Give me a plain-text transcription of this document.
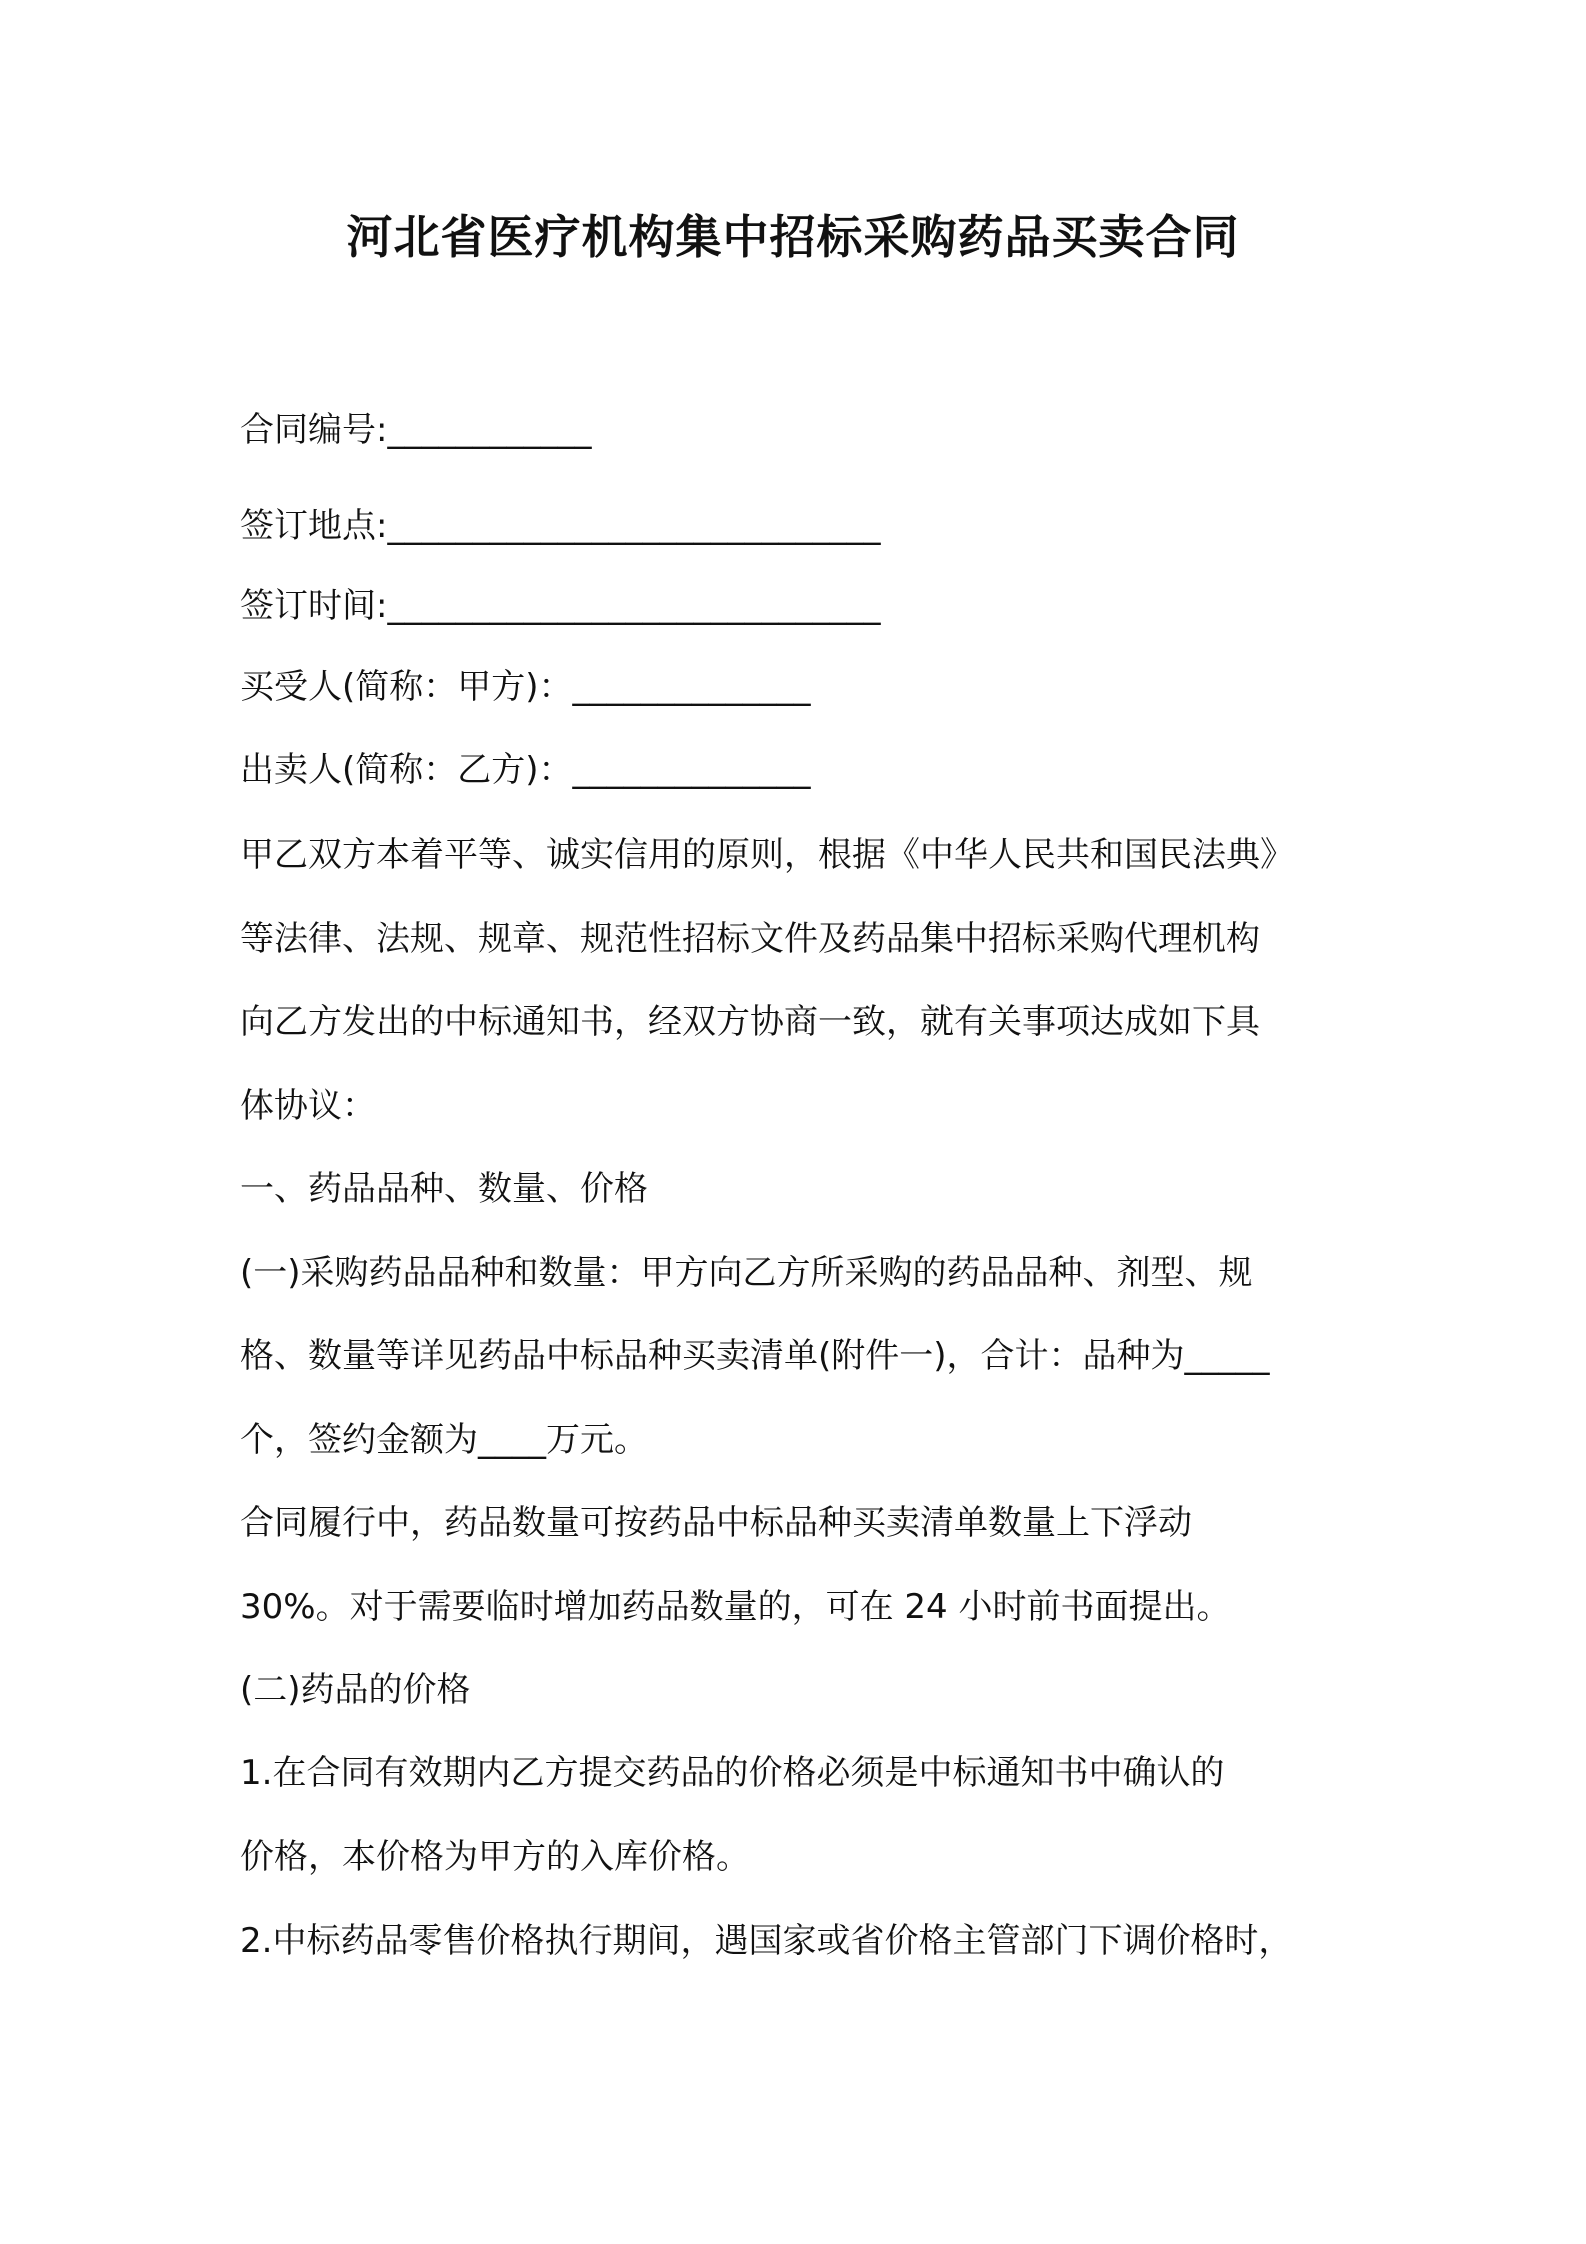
河北省医疗机构集中招标采购药品买卖合同
合同编号:____________
签订地点:_____________________________
签订时间:_____________________________
买受人(简称：甲方)：______________
出卖人(简称：乙方)：______________
甲乙双方本着平等、诚实信用的原则，根据《中华人民共和国民法典》
等法律、法规、规章、规范性招标文件及药品集中招标采购代理机构
向乙方发出的中标通知书，经双方协商一致，就有关事项达成如下具
体协议：
一、药品品种、数量、价格
(一)采购药品品种和数量：甲方向乙方所采购的药品品种、剂型、规
格、数量等详见药品中标品种买卖清单(附件一)，合计：品种为_____
个，签约金额为____万元。
合同履行中，药品数量可按药品中标品种买卖清单数量上下浮动
30%。对于需要临时增加药品数量的，可在 24 小时前书面提出。
(二)药品的价格
1.在合同有效期内乙方提交药品的价格必须是中标通知书中确认的
价格，本价格为甲方的入库价格。
2.中标药品零售价格执行期间，遇国家或省价格主管部门下调价格时，
